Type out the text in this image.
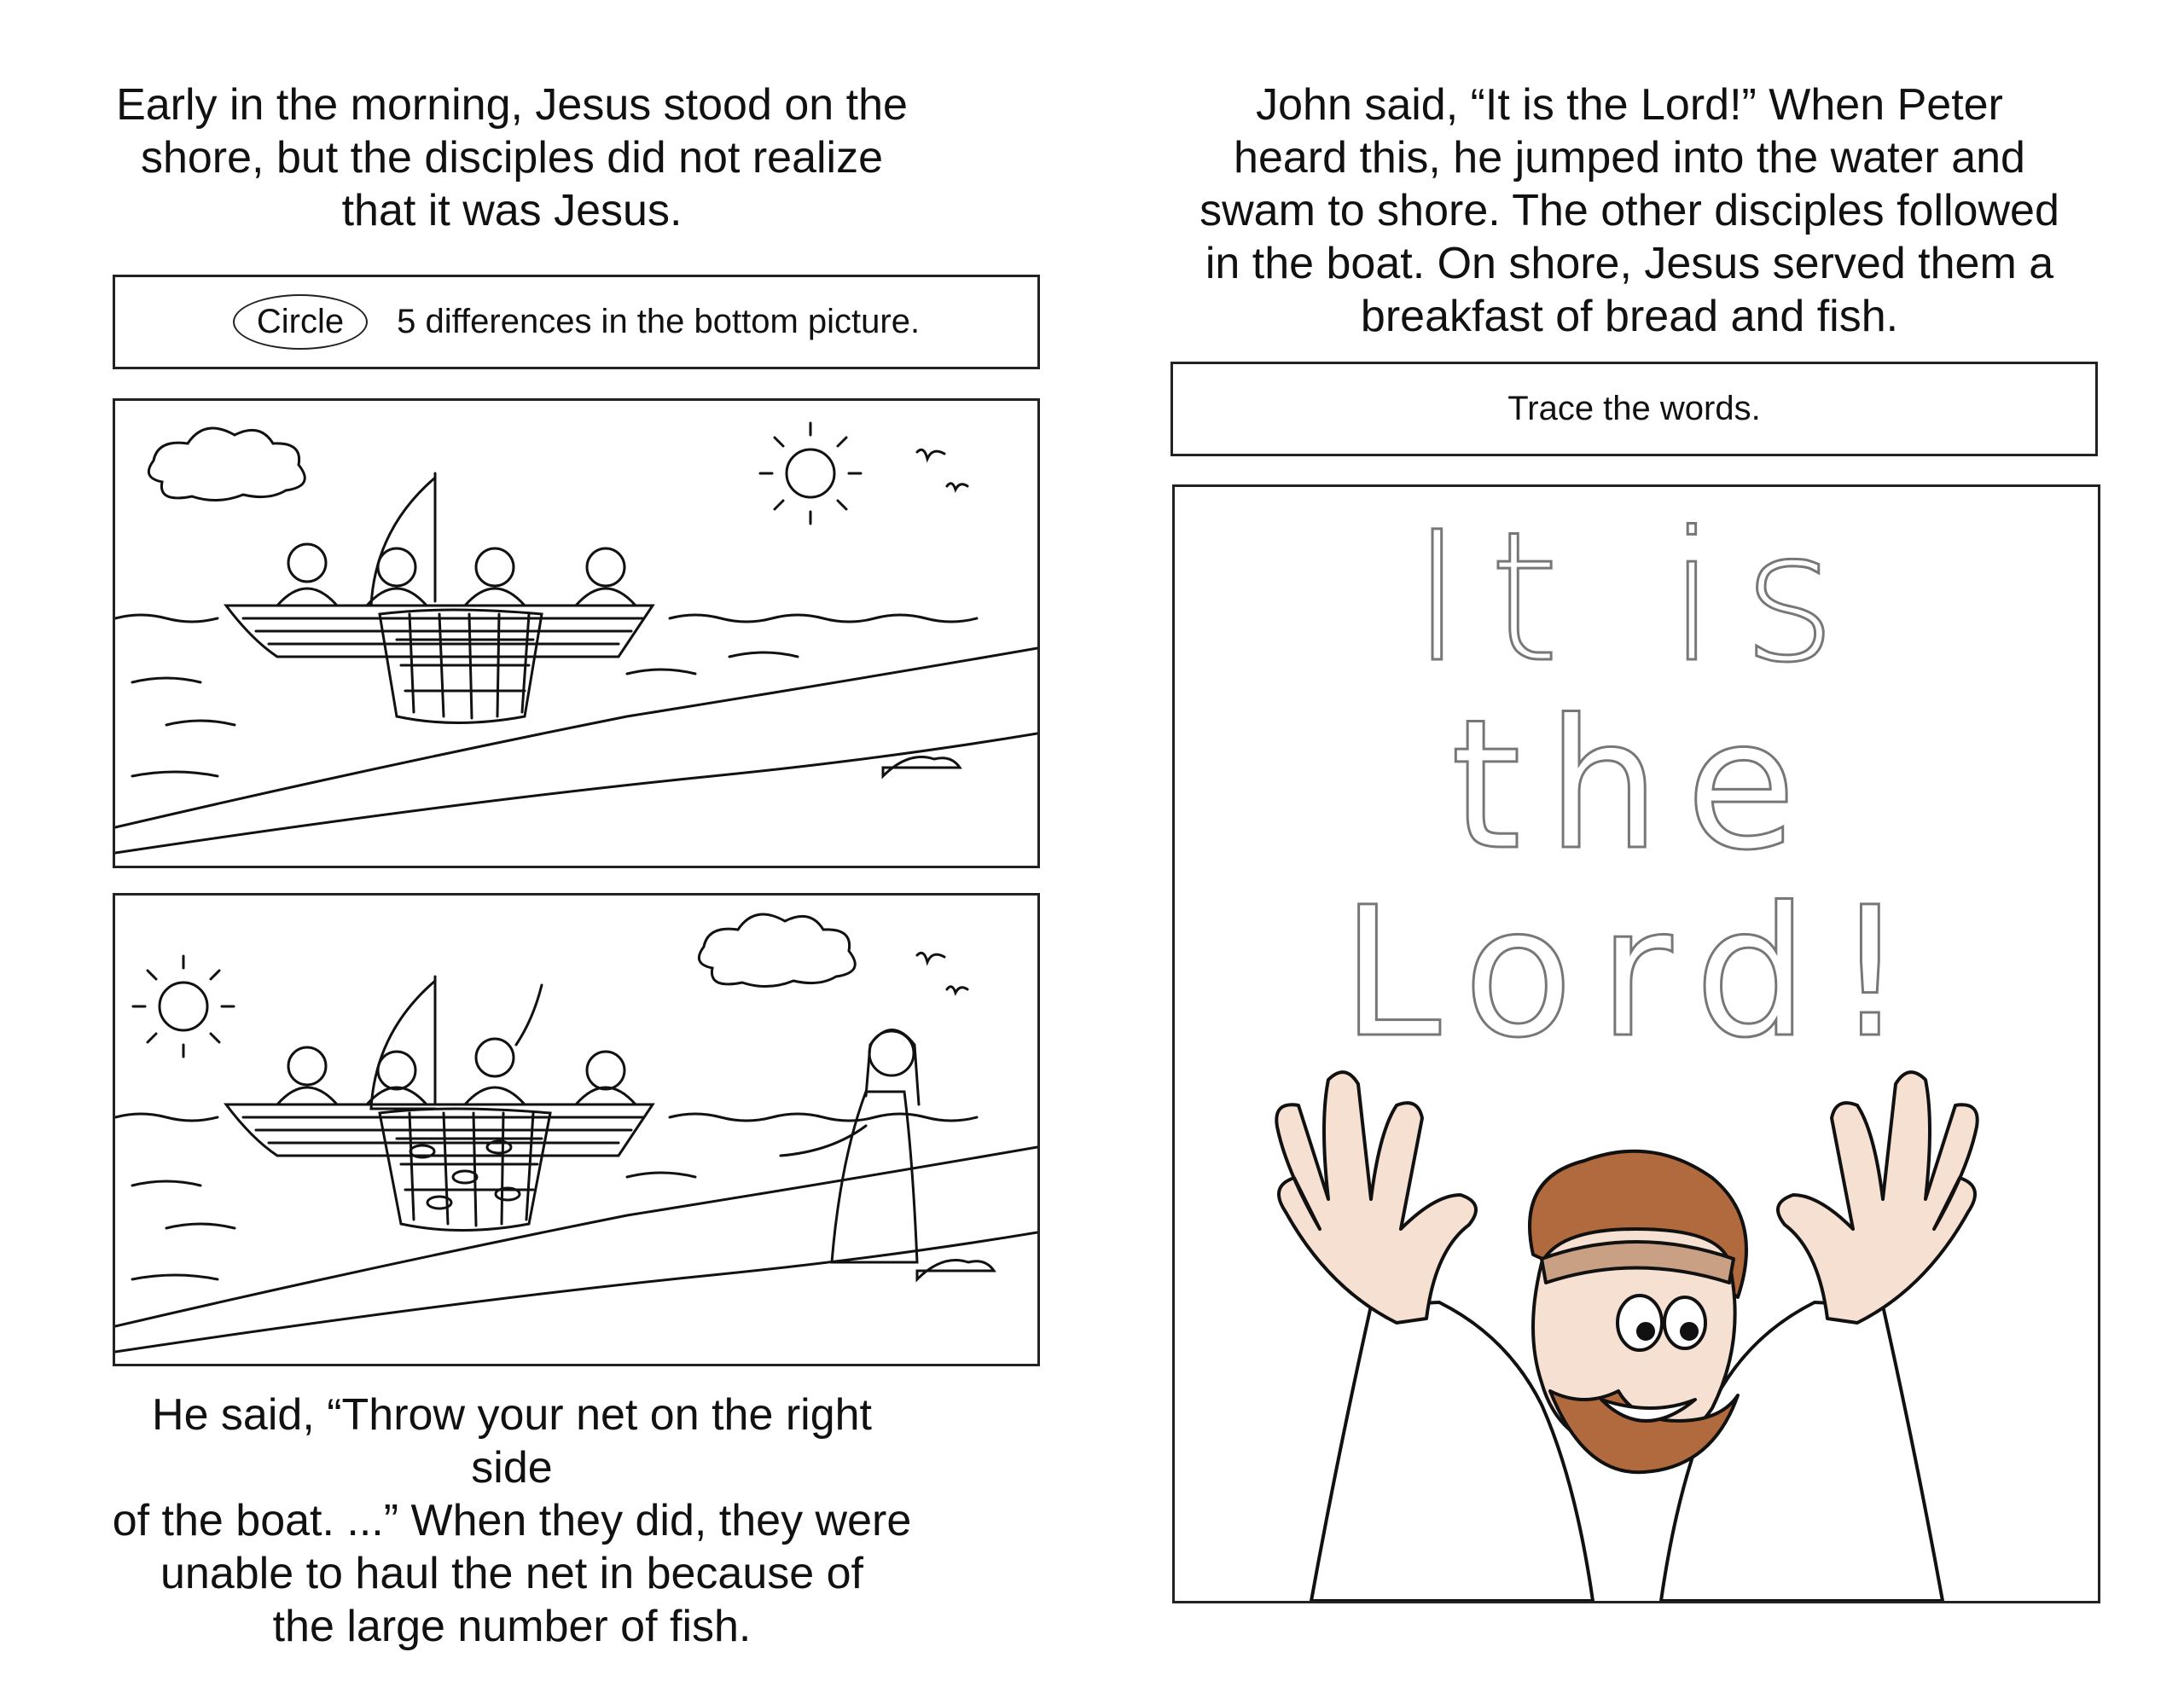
Early in the morning, Jesus stood on the
shore, but the disciples did not realize
that it was Jesus.
Circle	5 differences in the bottom picture.
He said, “Throw your net on the right side
of the boat. ...” When they did, they were
unable to haul the net in because of
the large number of fish.
John said, “It is the Lord!” When Peter
heard this, he jumped into the water and
swam to shore. The other disciples followed
in the boat. On shore, Jesus served them a
breakfast of bread and fish.
Trace the words.
It is
the
Lord!
